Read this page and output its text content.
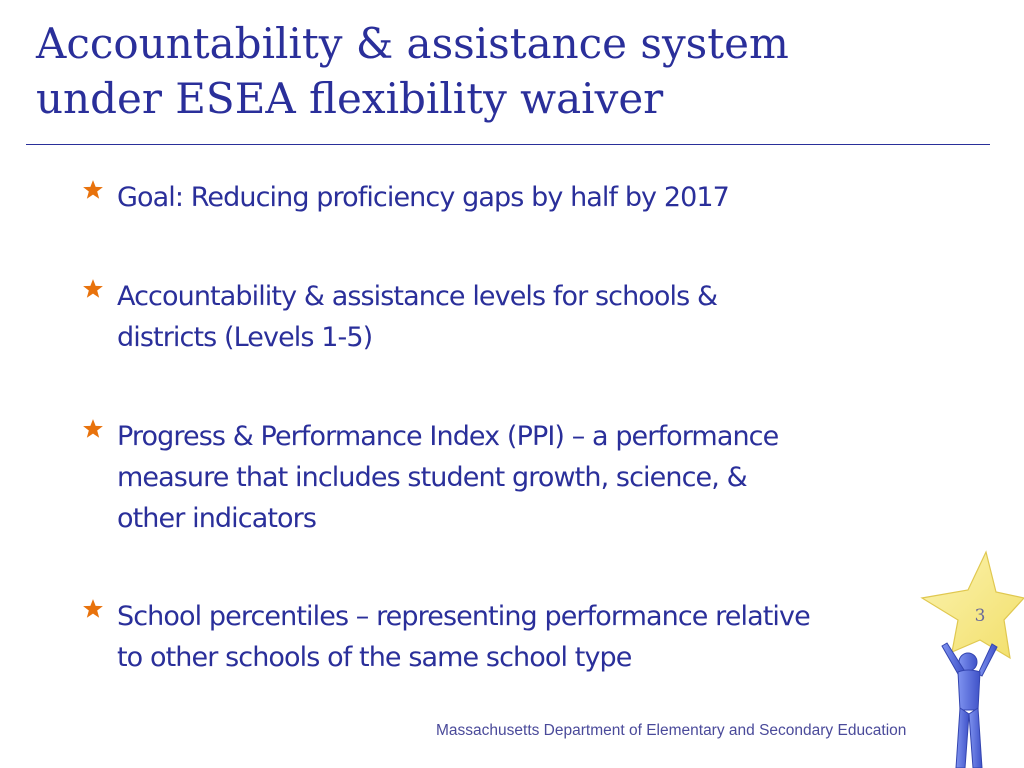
Accountability & assistance system
under ESEA flexibility waiver
Goal: Reducing proficiency gaps by half by 2017
Accountability & assistance levels for schools &
districts (Levels 1-5)
Progress & Performance Index (PPI) – a performance
measure that includes student growth, science, &
other indicators
School percentiles – representing performance relative
to other schools of the same school type
3
Massachusetts Department of Elementary and Secondary Education
